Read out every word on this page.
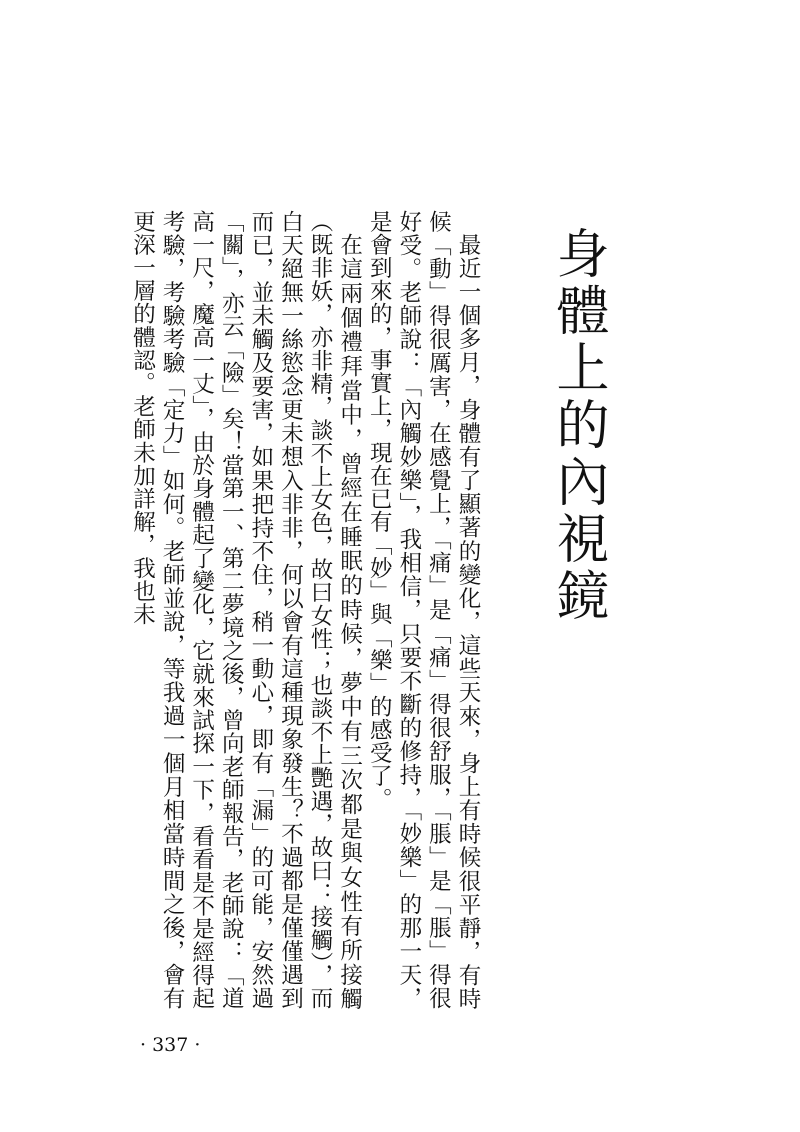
身體上的內視鏡

最近一個多月，身體有了顯著的變化，這些天來，身上有時候很平靜，有時候「動」得很厲害，在感覺上，「痛」是「痛」得很舒服，「脹」是「脹」得很好受。老師說：「內觸妙樂」，我相信，只要不斷的修持，「妙樂」的那一天，是會到來的，事實上，現在已有「妙」與「樂」的感受了。

在這兩個禮拜當中，曾經在睡眠的時候，夢中有三次都是與女性有所接觸（既非妖，亦非精，談不上女色，故曰女性；也談不上艷遇，故曰：接觸），而白天絕無一絲慾念更未想入非非，何以會有這種現象發生？不過都是僅僅遇到而已，並未觸及要害，如果把持不住，稍一動心，即有「漏」的可能，安然過「關」，亦云「險」矣！當第一、第二夢境之後，曾向老師報告，老師說：「道高一尺，魔高一丈」，由於身體起了變化，它就來試探一下，看看是不是經得起考驗，考驗考驗「定力」如何。老師並說，等我過一個月相當時間之後，會有更深一層的體認。老師未加詳解，我也未

· 337 ·
